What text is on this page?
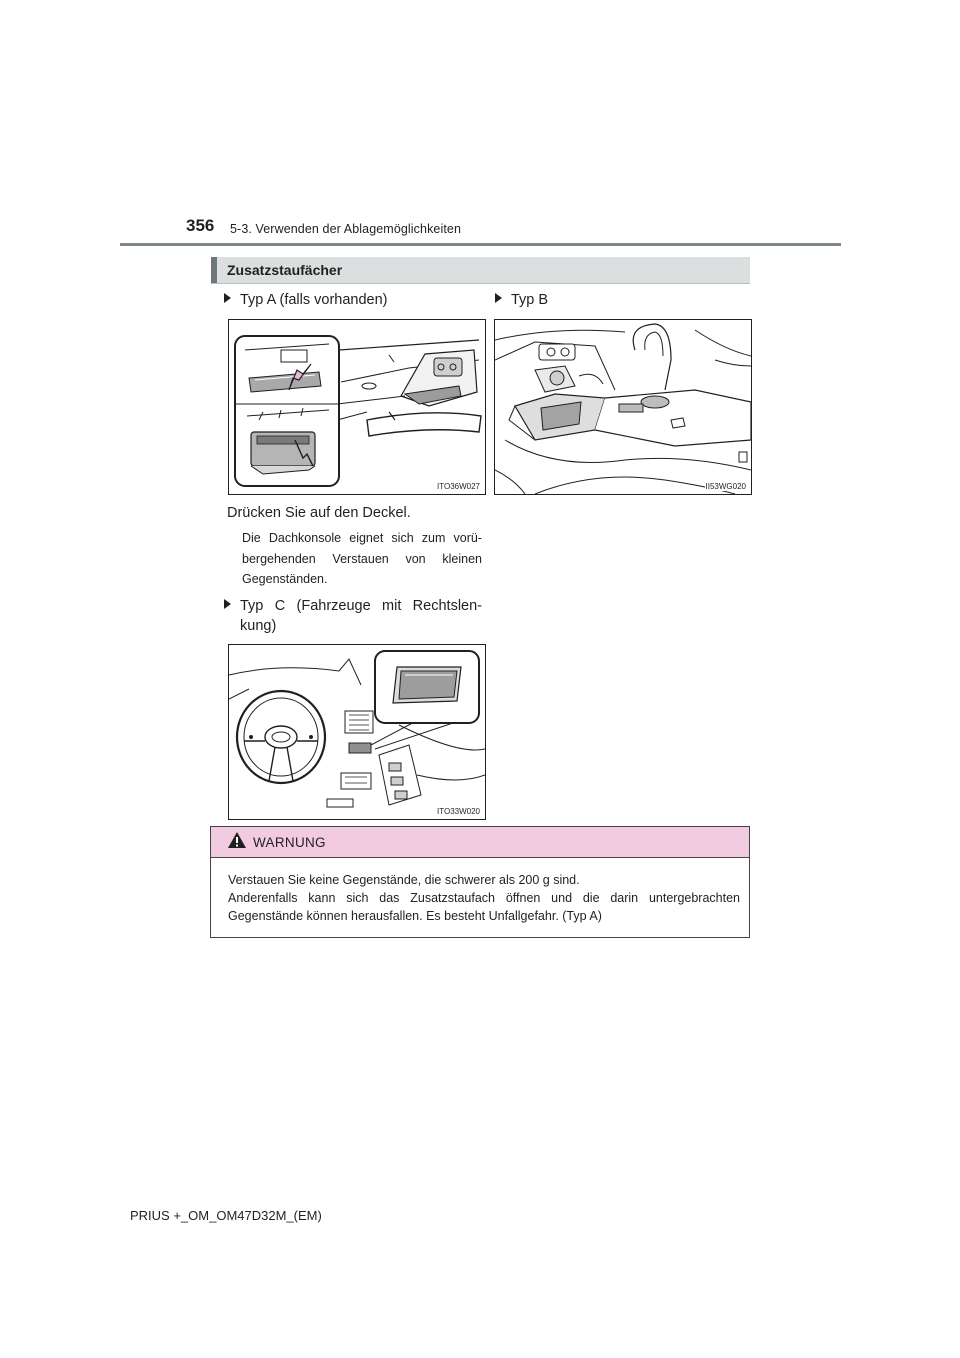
356 5-3. Verwenden der Ablagemöglichkeiten
Zusatzstaufächer
Typ A (falls vorhanden)	Typ B
ITO36W027	II53WG020
Drücken Sie auf den Deckel.
Die Dachkonsole eignet sich zum vorü-
bergehenden Verstauen von kleinen
Gegenständen.
Typ C (Fahrzeuge mit Rechtslen-
kung)
ITO33W020
WARNUNG
Verstauen Sie keine Gegenstände, die schwerer als 200 g sind.
Anderenfalls kann sich das Zusatzstaufach öffnen und die darin untergebrachten Gegenstände können herausfallen. Es besteht Unfallgefahr. (Typ A)
PRIUS +_OM_OM47D32M_(EM)
